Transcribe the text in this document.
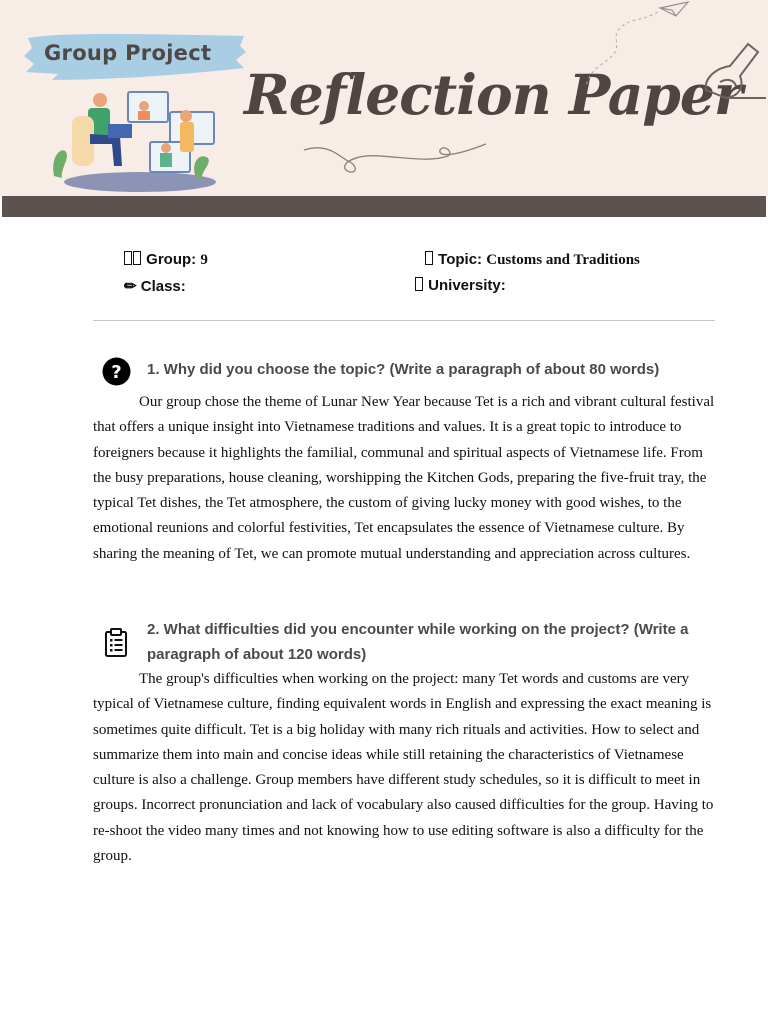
Group Project
Reflection Paper
Group: 9	Topic: Customs and Traditions
✏ Class:	University:
? 1. Why did you choose the topic? (Write a paragraph of about 80 words)

Our group chose the theme of Lunar New Year because Tet is a rich and vibrant cultural festival that offers a unique insight into Vietnamese traditions and values. It is a great topic to introduce to foreigners because it highlights the familial, communal and spiritual aspects of Vietnamese life. From the busy preparations, house cleaning, worshipping the Kitchen Gods, preparing the five-fruit tray, the typical Tet dishes, the Tet atmosphere, the custom of giving lucky money with good wishes, to the emotional reunions and colorful festivities, Tet encapsulates the essence of Vietnamese culture. By sharing the meaning of Tet, we can promote mutual understanding and appreciation across cultures.

2. What difficulties did you encounter while working on the project? (Write a
paragraph of about 120 words)

The group's difficulties when working on the project: many Tet words and customs are very typical of Vietnamese culture, finding equivalent words in English and expressing the exact meaning is sometimes quite difficult. Tet is a big holiday with many rich rituals and activities. How to select and summarize them into main and concise ideas while still retaining the characteristics of Vietnamese culture is also a challenge. Group members have different study schedules, so it is difficult to meet in groups. Incorrect pronunciation and lack of vocabulary also caused difficulties for the group. Having to re-shoot the video many times and not knowing how to use editing software is also a difficulty for the group.
